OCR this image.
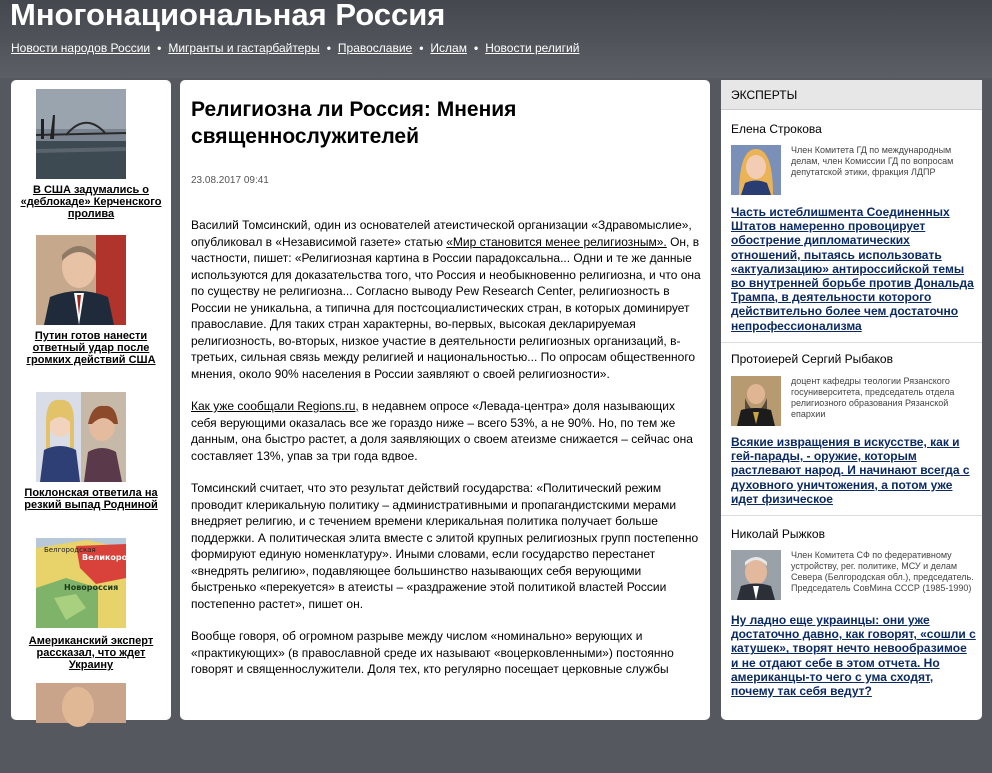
Многонациональная Россия
Новости народов России • Мигранты и гастарбайтеры • Православие • Ислам • Новости религий
В США задумались о «деблокаде» Керченского пролива
Путин готов нанести ответный удар после громких действий США
Поклонская ответила на резкий выпад Родниной
Белгородская
Великороссия
Новороссия
Американский эксперт рассказал, что ждет Украину
Религиозна ли Россия: Мнения священнослужителей
23.08.2017 09:41

Василий Томсинский, один из основателей атеистической организации «Здравомыслие», опубликовал в «Независимой газете» статью «Мир становится менее религиозным». Он, в частности, пишет: «Религиозная картина в России парадоксальна... Одни и те же данные используются для доказательства того, что Россия и необыкновенно религиозна, и что она по существу не религиозна... Согласно выводу Pew Research Center, религиозность в России не уникальна, а типична для постсоциалистических стран, в которых доминирует православие. Для таких стран характерны, во-первых, высокая декларируемая религиозность, во-вторых, низкое участие в деятельности религиозных организаций, в-третьих, сильная связь между религией и национальностью... По опросам общественного мнения, около 90% населения в России заявляют о своей религиозности».

Как уже сообщали Regions.ru, в недавнем опросе «Левада-центра» доля называющих себя верующими оказалась все же гораздо ниже – всего 53%, а не 90%. Но, по тем же данным, она быстро растет, а доля заявляющих о своем атеизме снижается – сейчас она составляет 13%, упав за три года вдвое.

Томсинский считает, что это результат действий государства: «Политический режим проводит клерикальную политику – административными и пропагандистскими мерами внедряет религию, и с течением времени клерикальная политика получает больше поддержки. А политическая элита вместе с элитой крупных религиозных групп постепенно формируют единую номенклатуру». Иными словами, если государство перестанет «внедрять религию», подавляющее большинство называющих себя верующими быстренько «перекуется» в атеисты – «раздражение этой политикой властей России постепенно растет», пишет он.

Вообще говоря, об огромном разрыве между числом «номинально» верующих и «практикующих» (в православной среде их называют «воцерковленными») постоянно говорят и священнослужители. Доля тех, кто регулярно посещает церковные службы

ЭКСПЕРТЫ
Елена Строкова
Член Комитета ГД по международным делам, член Комиссии ГД по вопросам депутатской этики, фракция ЛДПР
Часть истеблишмента Соединенных Штатов намеренно провоцирует обострение дипломатических отношений, пытаясь использовать «актуализацию» антироссийской темы во внутренней борьбе против Дональда Трампа, в деятельности которого действительно более чем достаточно непрофессионализма
Протоиерей Сергий Рыбаков
доцент кафедры теологии Рязанского госуниверситета, председатель отдела религиозного образования Рязанской епархии
Всякие извращения в искусстве, как и гей-парады, - оружие, которым растлевают народ. И начинают всегда с духовного уничтожения, а потом уже идет физическое
Николай Рыжков
Член Комитета СФ по федеративному устройству, рег. политике, МСУ и делам Севера (Белгородская обл.), председатель. Председатель СовМина СССР (1985-1990)
Ну ладно еще украинцы: они уже достаточно давно, как говорят, «сошли с катушек», творят нечто невообразимое и не отдают себе в этом отчета. Но американцы-то чего с ума сходят, почему так себя ведут?
